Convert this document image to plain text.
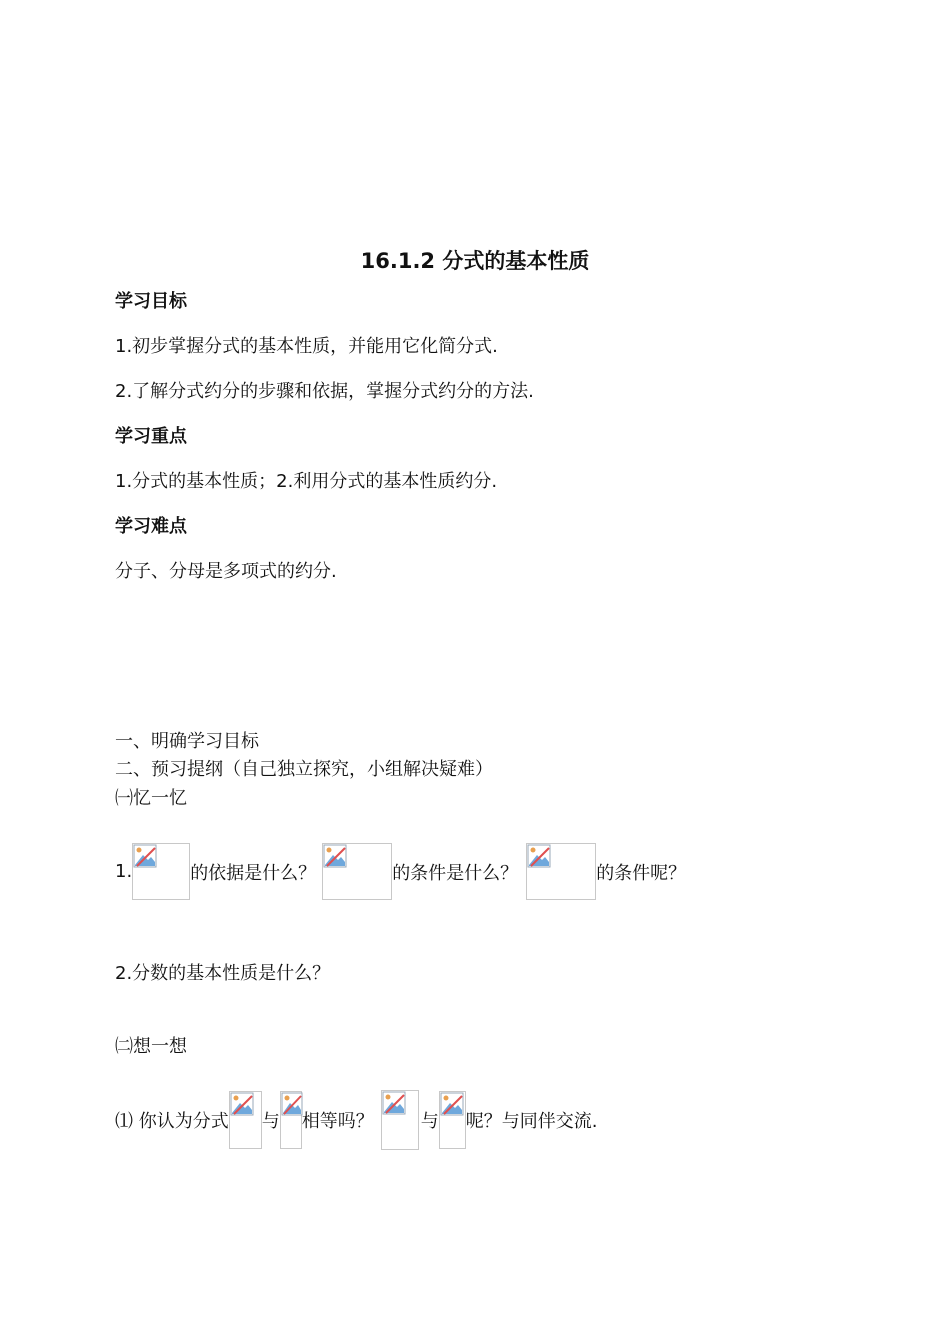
16.1.2 分式的基本性质
学习目标
1.初步掌握分式的基本性质，并能用它化简分式.
2.了解分式约分的步骤和依据，掌握分式约分的方法.
学习重点
1.分式的基本性质；2.利用分式的基本性质约分.
学习难点
分子、分母是多项式的约分.
一、明确学习目标
二、预习提纲（自己独立探究，小组解决疑难）
㈠忆一忆
1.	的依据是什么？	的条件是什么？	的条件呢？
2.分数的基本性质是什么？
㈡想一想
⑴ 你认为分式 与 相等吗？	与 呢？与同伴交流.
